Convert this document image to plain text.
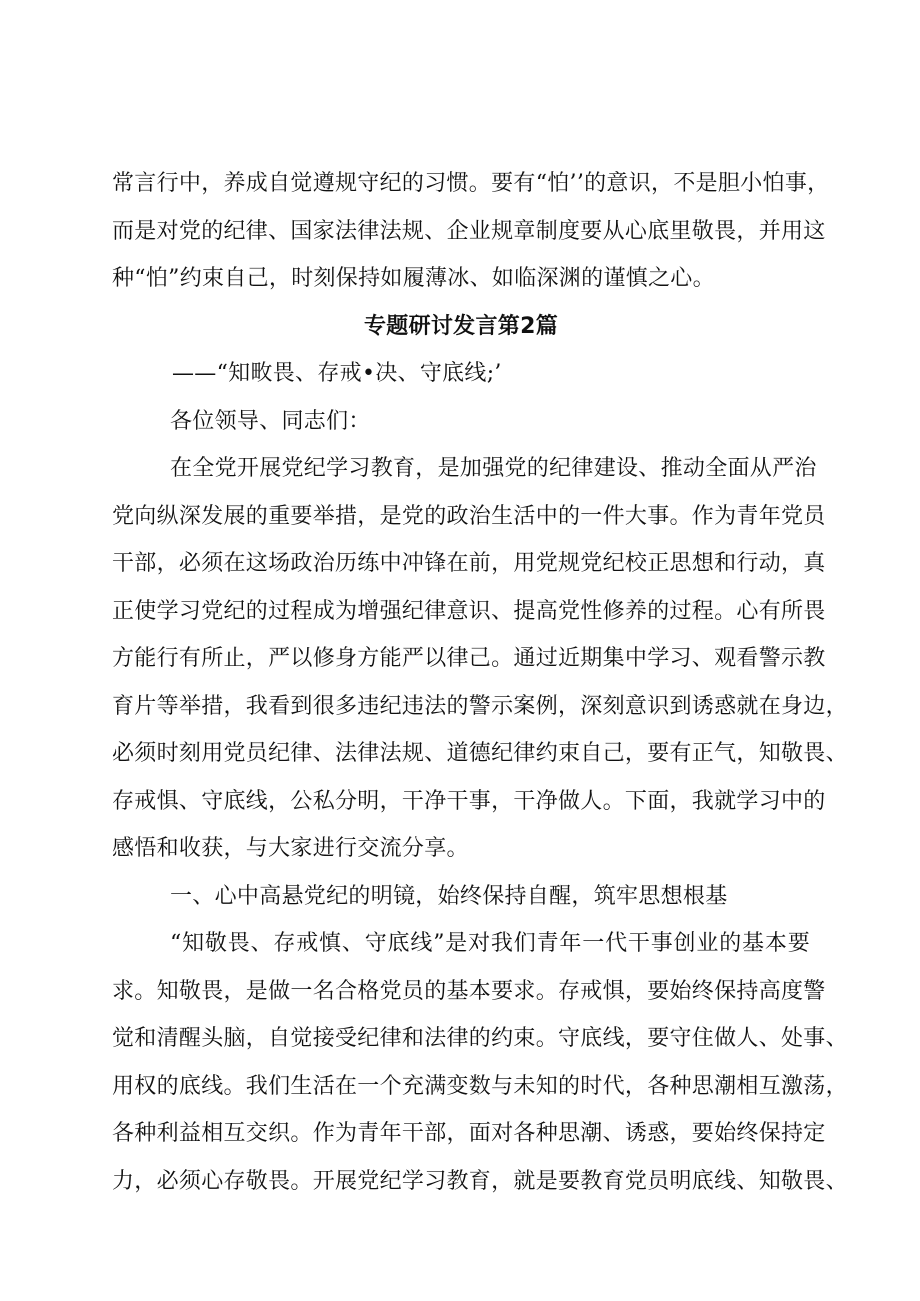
常言行中，养成自觉遵规守纪的习惯。要有“怕’’的意识，不是胆小怕事，
而是对党的纪律、国家法律法规、企业规章制度要从心底里敬畏，并用这
种“怕”约束自己，时刻保持如履薄冰、如临深渊的谨慎之心。
专题研讨发言第2篇
——“知畋畏、存戒•决、守底线;’
各位领导、同志们：
在全党开展党纪学习教育，是加强党的纪律建设、推动全面从严治
党向纵深发展的重要举措，是党的政治生活中的一件大事。作为青年党员
干部，必须在这场政治历练中冲锋在前，用党规党纪校正思想和行动，真
正使学习党纪的过程成为增强纪律意识、提高党性修养的过程。心有所畏
方能行有所止，严以修身方能严以律己。通过近期集中学习、观看警示教
育片等举措，我看到很多违纪违法的警示案例，深刻意识到诱惑就在身边，
必须时刻用党员纪律、法律法规、道德纪律约束自己，要有正气，知敬畏、
存戒惧、守底线，公私分明，干净干事，干净做人。下面，我就学习中的
感悟和收获，与大家进行交流分享。
一、心中高悬党纪的明镜，始终保持自醒，筑牢思想根基
“知敬畏、存戒慎、守底线”是对我们青年一代干事创业的基本要
求。知敬畏，是做一名合格党员的基本要求。存戒惧，要始终保持高度警
觉和清醒头脑，自觉接受纪律和法律的约束。守底线，要守住做人、处事、
用权的底线。我们生活在一个充满变数与未知的时代，各种思潮相互激荡，
各种利益相互交织。作为青年干部，面对各种思潮、诱惑，要始终保持定
力，必须心存敬畏。开展党纪学习教育，就是要教育党员明底线、知敬畏、
